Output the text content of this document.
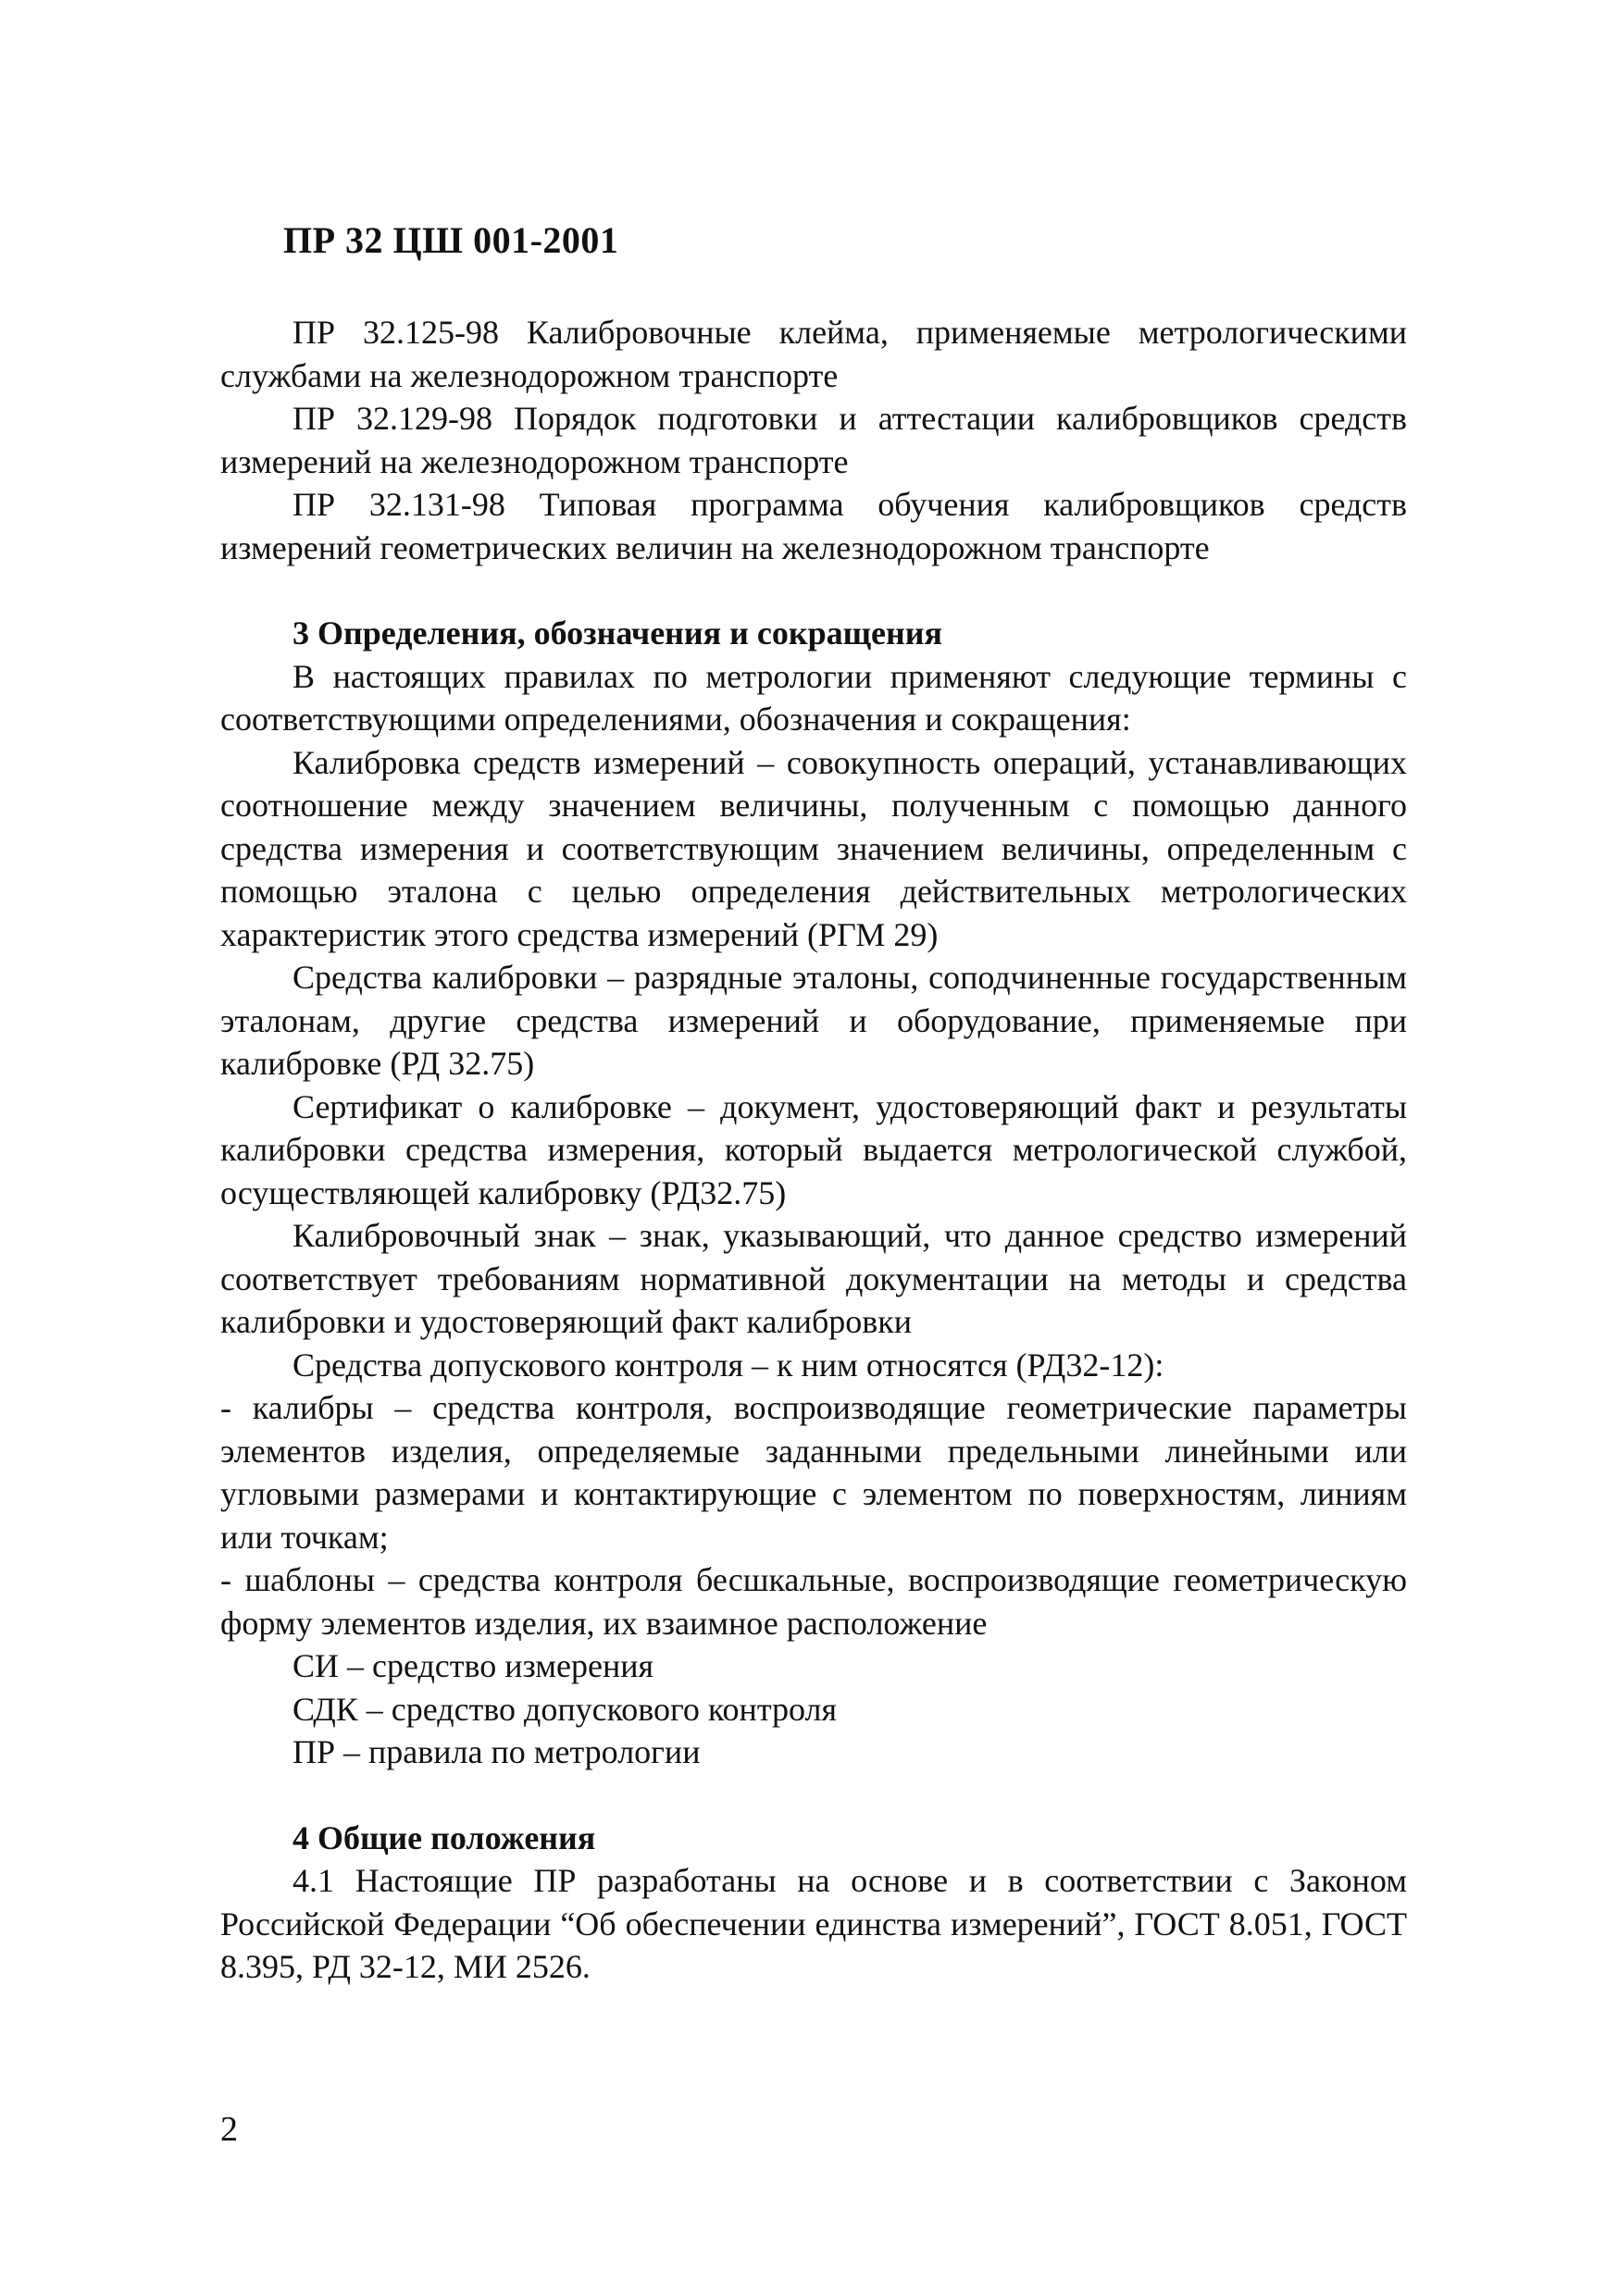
ПР 32 ЦШ 001-2001

ПР 32.125-98 Калибровочные клейма, применяемые метрологическими службами на железнодорожном транспорте

ПР 32.129-98 Порядок подготовки и аттестации калибровщиков средств измерений на железнодорожном транспорте

ПР 32.131-98 Типовая программа обучения калибровщиков средств измерений геометрических величин на железнодорожном транспорте

3 Определения, обозначения и сокращения

В настоящих правилах по метрологии применяют следующие термины с соответствующими определениями, обозначения и сокращения:

Калибровка средств измерений – совокупность операций, устанавливающих соотношение между значением величины, полученным с помощью данного средства измерения и соответствующим значением величины, определенным с помощью эталона с целью определения действительных метрологических характеристик этого средства измерений (РГМ 29)

Средства калибровки – разрядные эталоны, соподчиненные государственным эталонам, другие средства измерений и оборудование, применяемые при калибровке (РД 32.75)

Сертификат о калибровке – документ, удостоверяющий факт и результаты калибровки средства измерения, который выдается метрологической службой, осуществляющей калибровку (РД32.75)

Калибровочный знак – знак, указывающий, что данное средство измерений соответствует требованиям нормативной документации на методы и средства калибровки и удостоверяющий факт калибровки

Средства допускового контроля – к ним относятся (РД32-12):

- калибры – средства контроля, воспроизводящие геометрические параметры элементов изделия, определяемые заданными предельными линейными или угловыми размерами и контактирующие с элементом по поверхностям, линиям или точкам;

- шаблоны – средства контроля бесшкальные, воспроизводящие геометрическую форму элементов изделия, их взаимное расположение

СИ – средство измерения

СДК – средство допускового контроля

ПР – правила по метрологии

4 Общие положения

4.1 Настоящие ПР разработаны на основе и в соответствии с Законом Российской Федерации “Об обеспечении единства измерений”, ГОСТ 8.051, ГОСТ 8.395, РД 32-12, МИ 2526.

2
